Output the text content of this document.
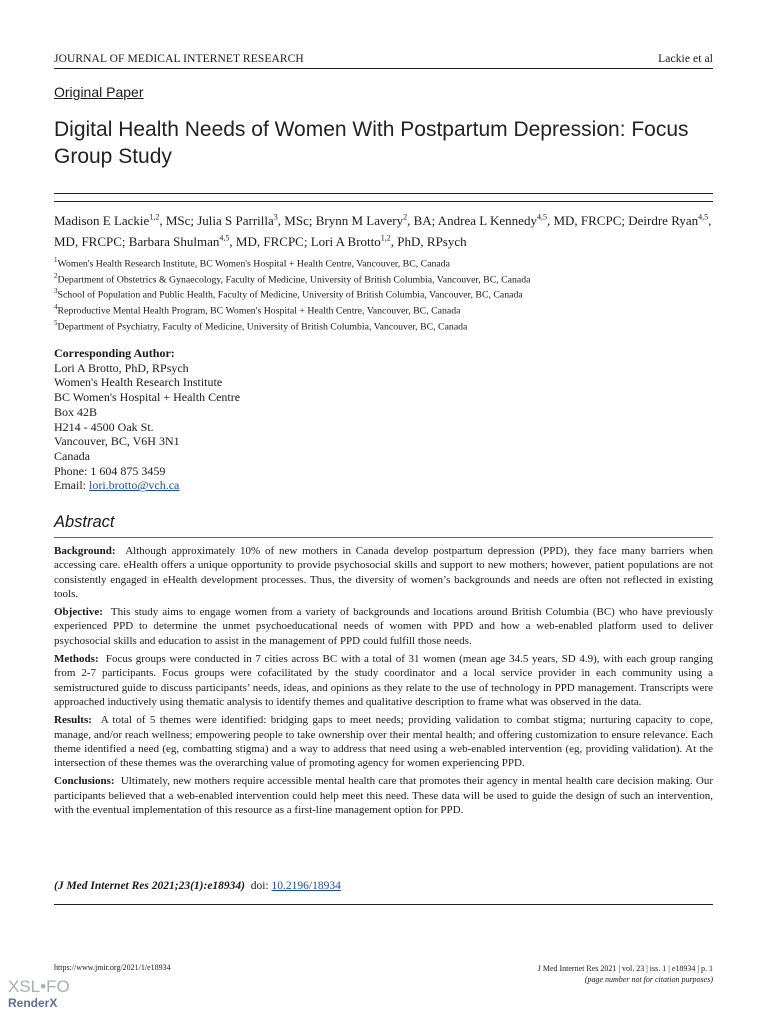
JOURNAL OF MEDICAL INTERNET RESEARCH	Lackie et al
Original Paper
Digital Health Needs of Women With Postpartum Depression: Focus Group Study
Madison E Lackie$^{1,2}$, MSc; Julia S Parrilla$^3$, MSc; Brynn M Lavery$^2$, BA; Andrea L Kennedy$^{4,5}$, MD, FRCPC; Deirdre Ryan$^{4,5}$, MD, FRCPC; Barbara Shulman$^{4,5}$, MD, FRCPC; Lori A Brotto$^{1,2}$, PhD, RPsych
$^1$Women's Health Research Institute, BC Women's Hospital + Health Centre, Vancouver, BC, Canada
$^2$Department of Obstetrics & Gynaecology, Faculty of Medicine, University of British Columbia, Vancouver, BC, Canada
$^3$School of Population and Public Health, Faculty of Medicine, University of British Columbia, Vancouver, BC, Canada
$^4$Reproductive Mental Health Program, BC Women's Hospital + Health Centre, Vancouver, BC, Canada
$^5$Department of Psychiatry, Faculty of Medicine, University of British Columbia, Vancouver, BC, Canada
Corresponding Author:
Lori A Brotto, PhD, RPsych
Women's Health Research Institute
BC Women's Hospital + Health Centre
Box 42B
H214 - 4500 Oak St.
Vancouver, BC, V6H 3N1
Canada
Phone: 1 604 875 3459
Email: lori.brotto@vch.ca
Abstract

Background: Although approximately 10% of new mothers in Canada develop postpartum depression (PPD), they face many barriers when accessing care. eHealth offers a unique opportunity to provide psychosocial skills and support to new mothers; however, patient populations are not consistently engaged in eHealth development processes. Thus, the diversity of women’s backgrounds and needs are often not reflected in existing tools.

Objective: This study aims to engage women from a variety of backgrounds and locations around British Columbia (BC) who have previously experienced PPD to determine the unmet psychoeducational needs of women with PPD and how a web-enabled platform used to deliver psychosocial skills and education to assist in the management of PPD could fulfill those needs.

Methods: Focus groups were conducted in 7 cities across BC with a total of 31 women (mean age 34.5 years, SD 4.9), with each group ranging from 2-7 participants. Focus groups were cofacilitated by the study coordinator and a local service provider in each community using a semistructured guide to discuss participants’ needs, ideas, and opinions as they relate to the use of technology in PPD management. Transcripts were approached inductively using thematic analysis to identify themes and qualitative description to frame what was observed in the data.

Results: A total of 5 themes were identified: bridging gaps to meet needs; providing validation to combat stigma; nurturing capacity to cope, manage, and/or reach wellness; empowering people to take ownership over their mental health; and offering customization to ensure relevance. Each theme identified a need (eg, combatting stigma) and a way to address that need using a web-enabled intervention (eg, providing validation). At the intersection of these themes was the overarching value of promoting agency for women experiencing PPD.

Conclusions: Ultimately, new mothers require accessible mental health care that promotes their agency in mental health care decision making. Our participants believed that a web-enabled intervention could help meet this need. These data will be used to guide the design of such an intervention, with the eventual implementation of this resource as a first-line management option for PPD.

(J Med Internet Res 2021;23(1):e18934) doi: 10.2196/18934
https://www.jmir.org/2021/1/e18934	J Med Internet Res 2021 | vol. 23 | iss. 1 | e18934 | p. 1
(page number not for citation purposes)
XSL•FO
RenderX
